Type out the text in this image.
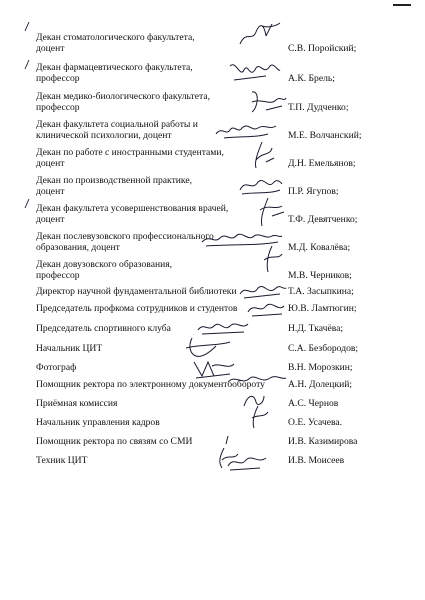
Декан стоматологического факультета,
доцент	С.В. Поройский;
Декан фармацевтического факультета,
профессор	А.К. Брель;
Декан медико-биологического факультета,
профессор	Т.П. Дудченко;
Декан факультета социальной работы и
клинической психологии, доцент	М.Е. Волчанский;
Декан по работе с иностранными студентами,
доцент	Д.Н. Емельянов;
Декан по производственной практике,
доцент	П.Р. Ягупов;
Декан факультета усовершенствования врачей,
доцент	Т.Ф. Девятченко;
Декан послевузовского профессионального
образования, доцент	М.Д. Ковалёва;
Декан довузовского образования,
профессор	М.В. Черников;
Директор научной фундаментальной библиотеки	Т.А. Засыпкина;
Председатель профкома сотрудников и студентов	Ю.В. Ламтюгин;
Председатель спортивного клуба	Н.Д. Ткачёва;
Начальник ЦИТ	С.А. Безбородов;
Фотограф	В.Н. Морозкин;
Помощник ректора по электронному документообороту	А.Н. Долецкий;
Приёмная комиссия	А.С. Чернов
Начальник управления кадров	О.Е. Усачева.
Помощник ректора по связям со СМИ	И.В. Казимирова
Техник ЦИТ	И.В. Моисеев
